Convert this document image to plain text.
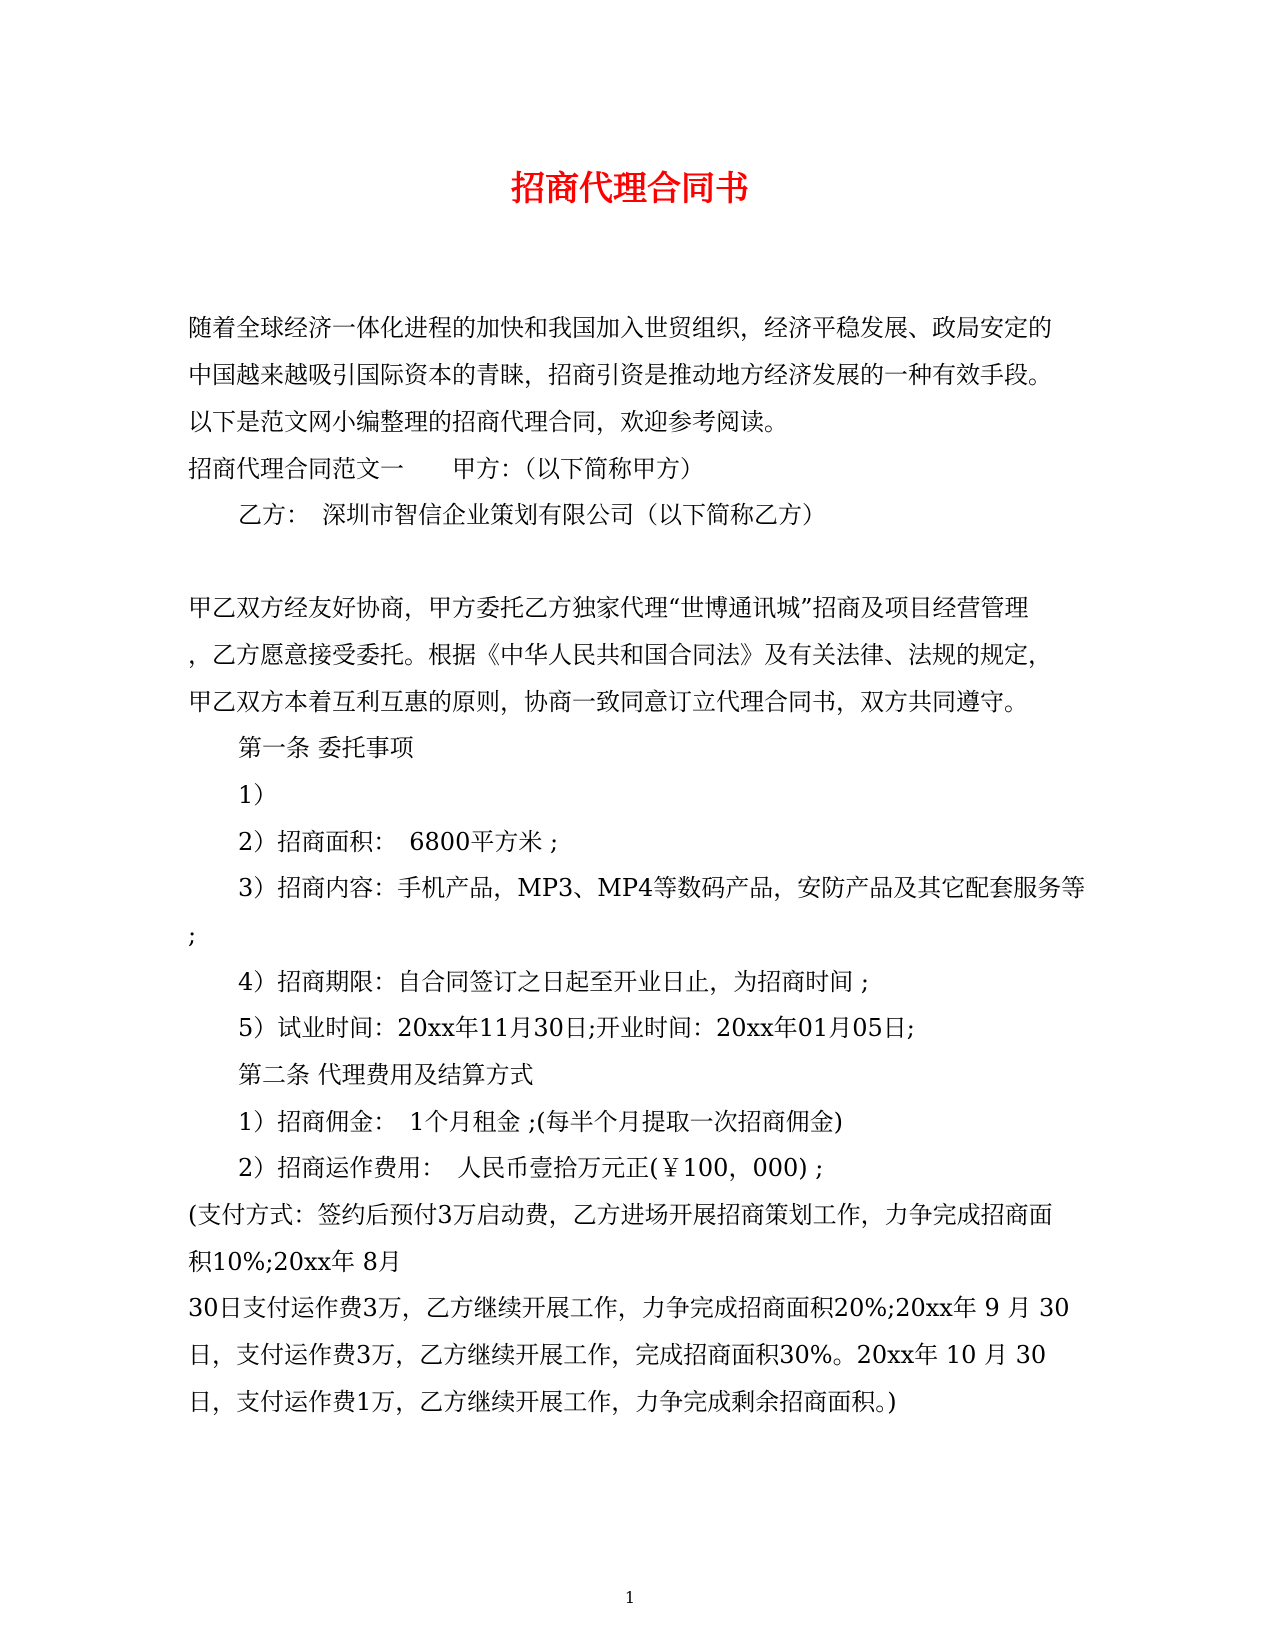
招商代理合同书
随着全球经济一体化进程的加快和我国加入世贸组织，经济平稳发展、政局安定的
中国越来越吸引国际资本的青睐，招商引资是推动地方经济发展的一种有效手段。
以下是范文网小编整理的招商代理合同，欢迎参考阅读。
招商代理合同范文一　　甲方：（以下简称甲方）
乙方：　深圳市智信企业策划有限公司（以下简称乙方）
甲乙双方经友好协商，甲方委托乙方独家代理“世博通讯城”招商及项目经营管理
，乙方愿意接受委托。根据《中华人民共和国合同法》及有关法律、法规的规定，
甲乙双方本着互利互惠的原则，协商一致同意订立代理合同书，双方共同遵守。
第一条 委托事项
1）
2）招商面积：　6800平方米 ;
3）招商内容：手机产品，MP3、MP4等数码产品，安防产品及其它配套服务等
;
4）招商期限：自合同签订之日起至开业日止，为招商时间 ;
5）试业时间：20xx年11月30日;开业时间：20xx年01月05日;
第二条 代理费用及结算方式
1）招商佣金：　1个月租金 ;(每半个月提取一次招商佣金)
2）招商运作费用：　人民币壹拾万元正(￥100，000) ;
(支付方式：签约后预付3万启动费，乙方进场开展招商策划工作，力争完成招商面
积10%;20xx年 8月
30日支付运作费3万，乙方继续开展工作，力争完成招商面积20%;20xx年 9 月 30
日，支付运作费3万，乙方继续开展工作，完成招商面积30%。20xx年 10 月 30
日，支付运作费1万，乙方继续开展工作，力争完成剩余招商面积。)
1
